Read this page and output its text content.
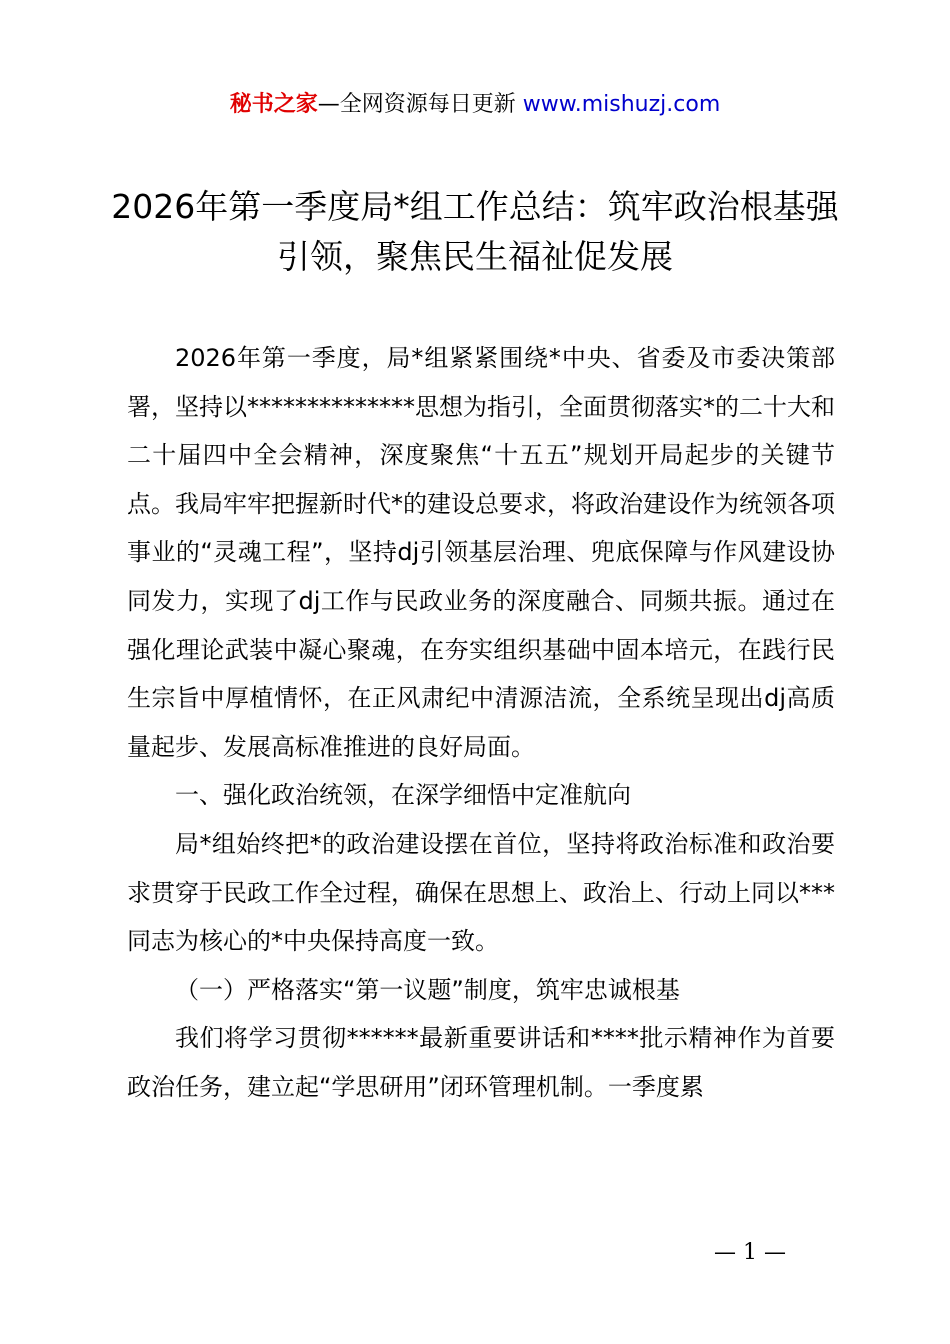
秘书之家—全网资源每日更新 www.mishuzj.com
2026年第一季度局*组工作总结：筑牢政治根基强引领，聚焦民生福祉促发展

2026年第一季度，局*组紧紧围绕*中央、省委及市委决策部署，坚持以**************思想为指引，全面贯彻落实*的二十大和二十届四中全会精神，深度聚焦“十五五”规划开局起步的关键节点。我局牢牢把握新时代*的建设总要求，将政治建设作为统领各项事业的“灵魂工程”，坚持dj引领基层治理、兜底保障与作风建设协同发力，实现了dj工作与民政业务的深度融合、同频共振。通过在强化理论武装中凝心聚魂，在夯实组织基础中固本培元，在践行民生宗旨中厚植情怀，在正风肃纪中清源洁流，全系统呈现出dj高质量起步、发展高标准推进的良好局面。

一、强化政治统领，在深学细悟中定准航向

局*组始终把*的政治建设摆在首位，坚持将政治标准和政治要求贯穿于民政工作全过程，确保在思想上、政治上、行动上同以***同志为核心的*中央保持高度一致。

（一）严格落实“第一议题”制度，筑牢忠诚根基

我们将学习贯彻******最新重要讲话和****批示精神作为首要政治任务，建立起“学思研用”闭环管理机制。一季度累

— 1 —
